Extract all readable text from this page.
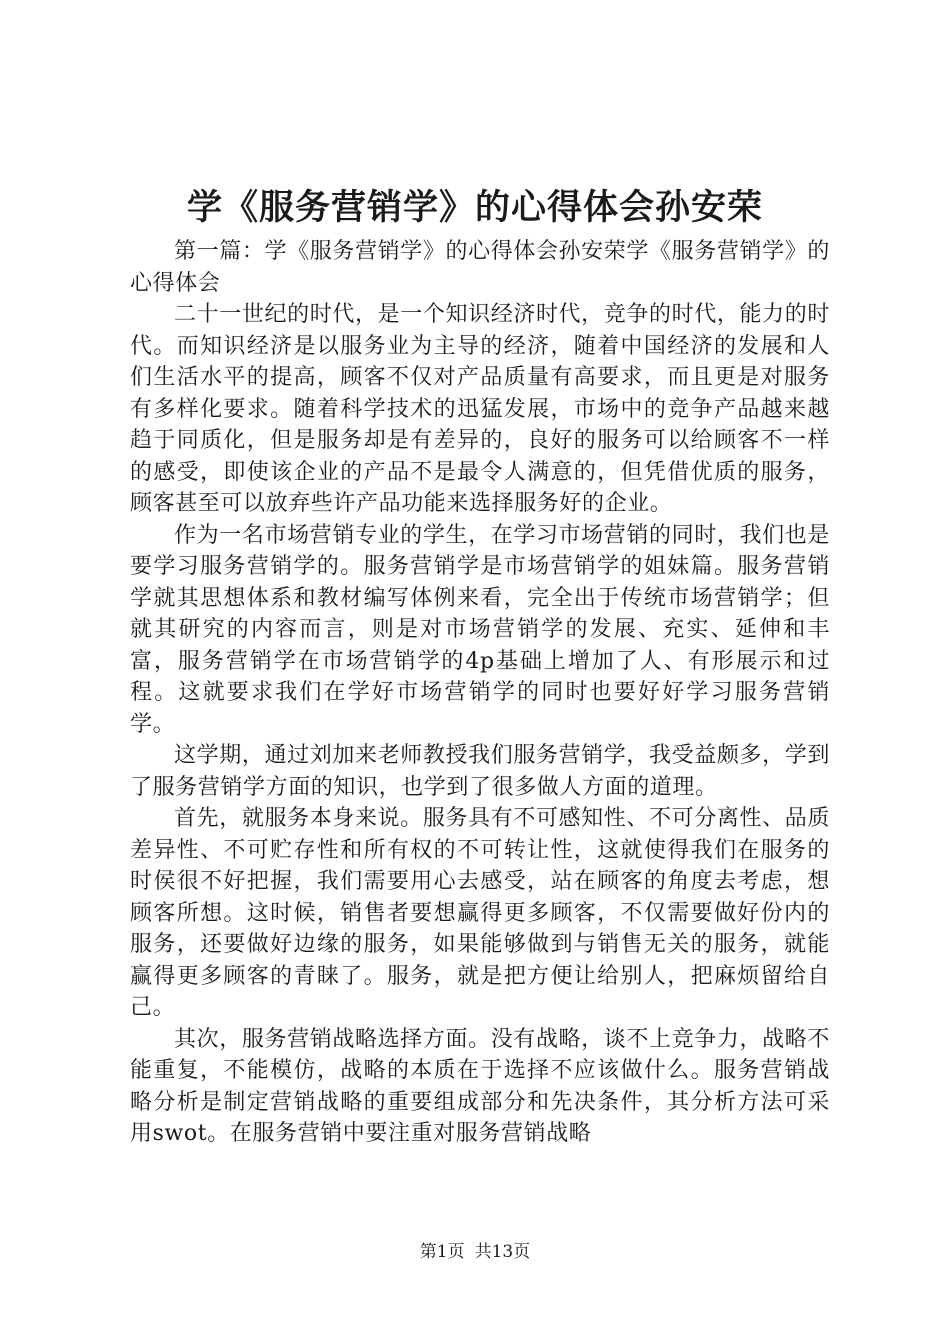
学《服务营销学》的心得体会孙安荣

第一篇：学《服务营销学》的心得体会孙安荣学《服务营销学》的心得体会

二十一世纪的时代，是一个知识经济时代，竞争的时代，能力的时代。而知识经济是以服务业为主导的经济，随着中国经济的发展和人们生活水平的提高，顾客不仅对产品质量有高要求，而且更是对服务有多样化要求。随着科学技术的迅猛发展，市场中的竞争产品越来越趋于同质化，但是服务却是有差异的，良好的服务可以给顾客不一样的感受，即使该企业的产品不是最令人满意的，但凭借优质的服务，顾客甚至可以放弃些许产品功能来选择服务好的企业。

作为一名市场营销专业的学生，在学习市场营销的同时，我们也是要学习服务营销学的。服务营销学是市场营销学的姐妹篇。服务营销学就其思想体系和教材编写体例来看，完全出于传统市场营销学；但就其研究的内容而言，则是对市场营销学的发展、充实、延伸和丰富，服务营销学在市场营销学的4p基础上增加了人、有形展示和过程。这就要求我们在学好市场营销学的同时也要好好学习服务营销学。

这学期，通过刘加来老师教授我们服务营销学，我受益颇多，学到了服务营销学方面的知识，也学到了很多做人方面的道理。

首先，就服务本身来说。服务具有不可感知性、不可分离性、品质差异性、不可贮存性和所有权的不可转让性，这就使得我们在服务的时侯很不好把握，我们需要用心去感受，站在顾客的角度去考虑，想顾客所想。这时候，销售者要想赢得更多顾客，不仅需要做好份内的服务，还要做好边缘的服务，如果能够做到与销售无关的服务，就能赢得更多顾客的青睐了。服务，就是把方便让给别人，把麻烦留给自己。

其次，服务营销战略选择方面。没有战略，谈不上竞争力，战略不能重复，不能模仿，战略的本质在于选择不应该做什么。服务营销战略分析是制定营销战略的重要组成部分和先决条件，其分析方法可采用swot。在服务营销中要注重对服务营销战略

第1页 共13页
